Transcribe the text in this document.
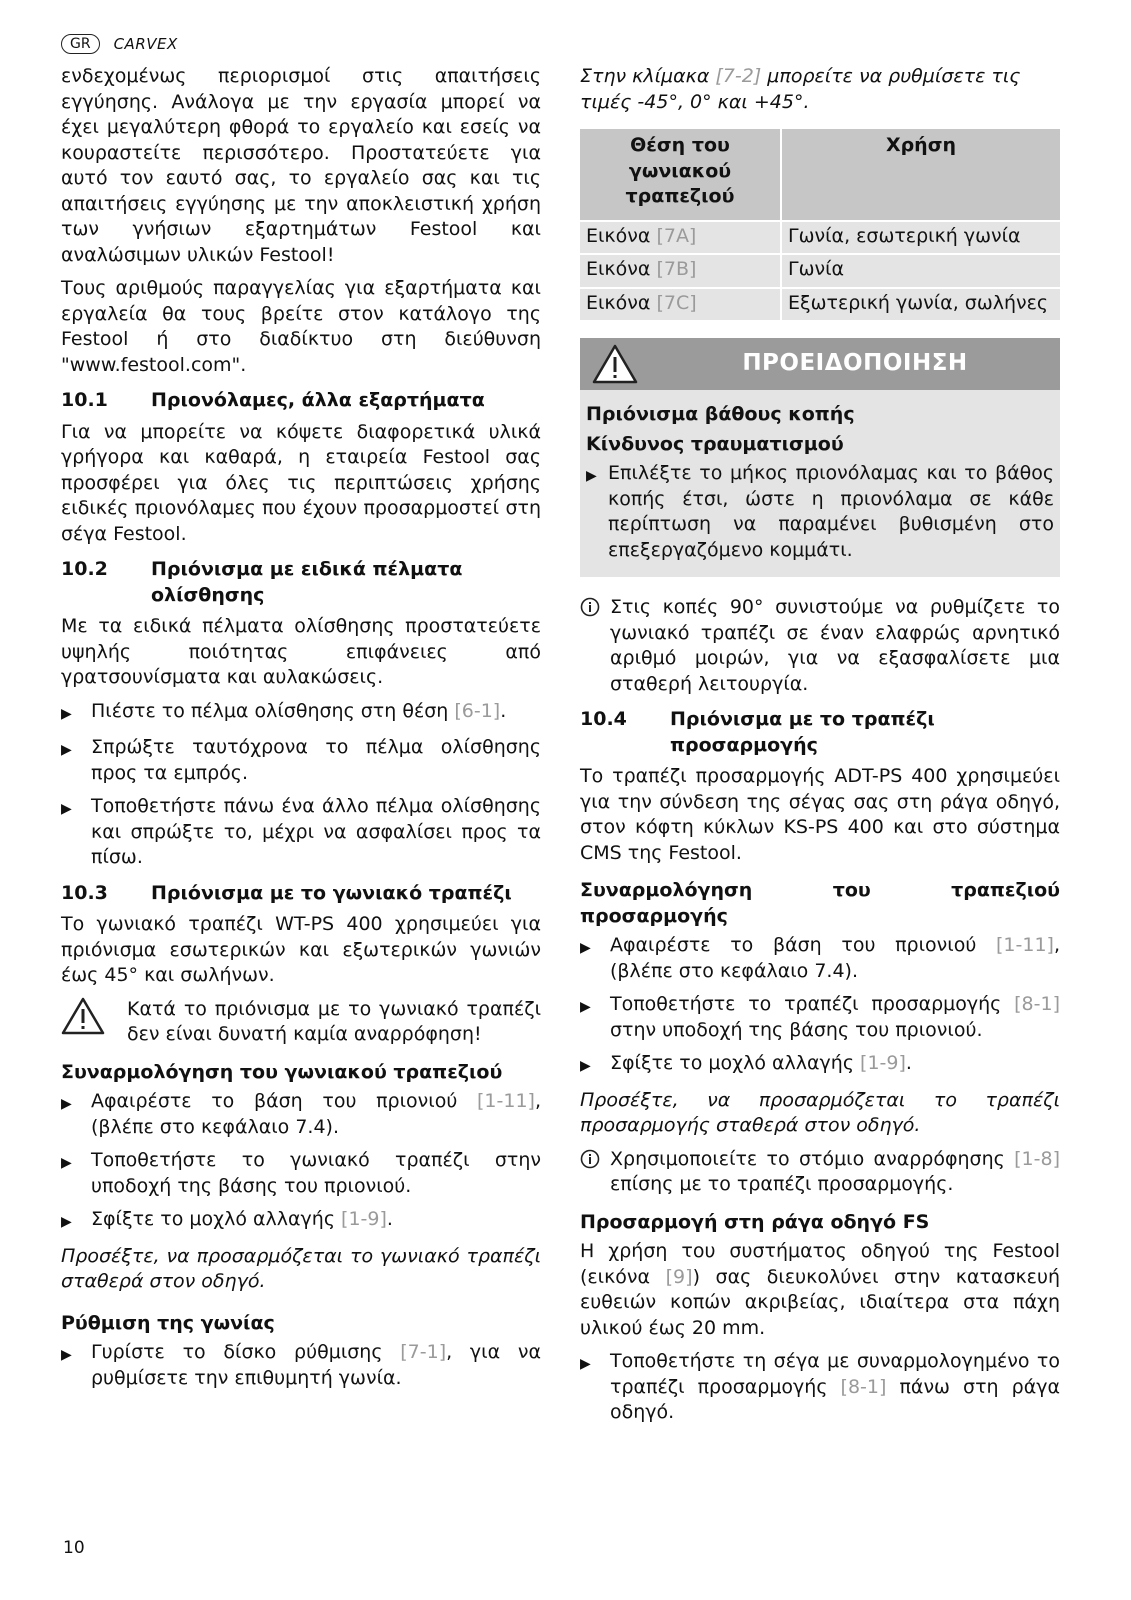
GR	CARVEX

ενδεχομένως περιορισμοί στις απαιτήσεις εγγύησης. Ανάλογα με την εργασία μπορεί να έχει μεγαλύτερη φθορά το εργαλείο και εσείς να κουραστείτε περισσότερο. Προστατεύετε για αυτό τον εαυτό σας, το εργαλείο σας και τις απαιτήσεις εγγύησης με την αποκλειστική χρήση των γνήσιων εξαρτημάτων Festool και αναλώσιμων υλικών Festool!

Τους αριθμούς παραγγελίας για εξαρτήματα και εργαλεία θα τους βρείτε στον κατάλογο της Festool ή στο διαδίκτυο στη διεύθυνση "www.festool.com".

10.1	Πριονόλαμες, άλλα εξαρτήματα

Για να μπορείτε να κόψετε διαφορετικά υλικά γρήγορα και καθαρά, η εταιρεία Festool σας προσφέρει για όλες τις περιπτώσεις χρήσης ειδικές πριονόλαμες που έχουν προσαρμοστεί στη σέγα Festool.

10.2	Πριόνισμα με ειδικά πέλματα ολίσθησης

Με τα ειδικά πέλματα ολίσθησης προστατεύετε υψηλής ποιότητας επιφάνειες από γρατσουνίσματα και αυλακώσεις.

▶	Πιέστε το πέλμα ολίσθησης στη θέση [6-1].
▶	Σπρώξτε ταυτόχρονα το πέλμα ολίσθησης προς τα εμπρός.
▶	Τοποθετήστε πάνω ένα άλλο πέλμα ολίσθησης και σπρώξτε το, μέχρι να ασφαλίσει προς τα πίσω.
10.3	Πριόνισμα με το γωνιακό τραπέζι

Το γωνιακό τραπέζι WT-PS 400 χρησιμεύει για πριόνισμα εσωτερικών και εξωτερικών γωνιών έως 45° και σωλήνων.

Κατά το πριόνισμα με το γωνιακό τραπέζι δεν είναι δυνατή καμία αναρρόφηση!
Συναρμολόγηση του γωνιακού τραπεζιού
▶	Αφαιρέστε το βάση του πριονιού [1-11], (βλέπε στο κεφάλαιο 7.4).
▶	Τοποθετήστε το γωνιακό τραπέζι στην υποδοχή της βάσης του πριονιού.
▶	Σφίξτε το μοχλό αλλαγής [1-9].

Προσέξτε, να προσαρμόζεται το γωνιακό τραπέζι σταθερά στον οδηγό.

Ρύθμιση της γωνίας
▶	Γυρίστε το δίσκο ρύθμισης [7-1], για να ρυθμίσετε την επιθυμητή γωνία.

Στην κλίμακα [7-2] μπορείτε να ρυθμίσετε τις τιμές -45°, 0° και +45°.

Θέση του γωνιακού τραπεζιού	Χρήση
Εικόνα [7A]	Γωνία, εσωτερική γωνία
Εικόνα [7B]	Γωνία
Εικόνα [7C]	Εξωτερική γωνία, σωλήνες
ΠΡΟΕΙΔΟΠΟΙΗΣΗ
Πριόνισμα βάθους κοπής
Κίνδυνος τραυματισμού
▶ Επιλέξτε το μήκος πριονόλαμας και το βάθος κοπής έτσι, ώστε η πριονόλαμα σε κάθε περίπτωση να παραμένει βυθισμένη στο επεξεργαζόμενο κομμάτι.
Στις κοπές 90° συνιστούμε να ρυθμίζετε το γωνιακό τραπέζι σε έναν ελαφρώς αρνητικό αριθμό μοιρών, για να εξασφαλίσετε μια σταθερή λειτουργία.
10.4	Πριόνισμα με το τραπέζι προσαρμογής

Το τραπέζι προσαρμογής ADT-PS 400 χρησιμεύει για την σύνδεση της σέγας σας στη ράγα οδηγό, στον κόφτη κύκλων KS-PS 400 και στο σύστημα CMS της Festool.

Συναρμολόγηση του τραπεζιού προσαρμογής
▶	Αφαιρέστε το βάση του πριονιού [1-11], (βλέπε στο κεφάλαιο 7.4).
▶	Τοποθετήστε το τραπέζι προσαρμογής [8-1] στην υποδοχή της βάσης του πριονιού.
▶	Σφίξτε το μοχλό αλλαγής [1-9].

Προσέξτε, να προσαρμόζεται το τραπέζι προσαρμογής σταθερά στον οδηγό.

Χρησιμοποιείτε το στόμιο αναρρόφησης [1-8] επίσης με το τραπέζι προσαρμογής.
Προσαρμογή στη ράγα οδηγό FS

Η χρήση του συστήματος οδηγού της Festool (εικόνα [9]) σας διευκολύνει στην κατασκευή ευθειών κοπών ακριβείας, ιδιαίτερα στα πάχη υλικού έως 20 mm.

▶	Τοποθετήστε τη σέγα με συναρμολογημένο το τραπέζι προσαρμογής [8-1] πάνω στη ράγα οδηγό.
10
